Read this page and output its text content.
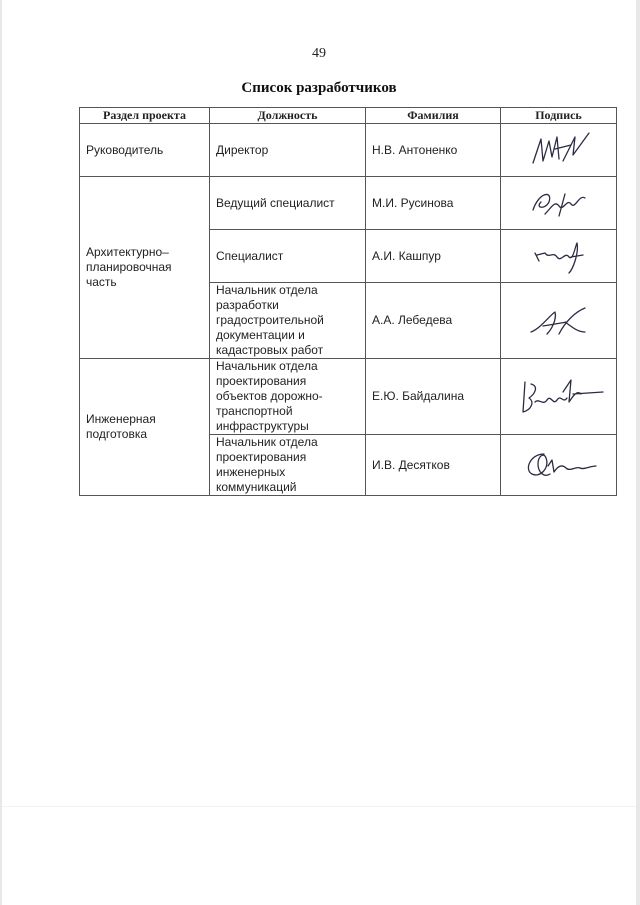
49
Список разработчиков
Раздел проекта	Должность	Фамилия	Подпись
Руководитель	Директор	Н.В. Антоненко	

Архитектурно–планировочная часть	Ведущий специалист	М.И. Русинова	

	Специалист	А.И. Кашпур	

	Начальник отдела разработки градостроительной документации и кадастровых работ	А.А. Лебедева	

Инженерная подготовка	Начальник отдела проектирования объектов дорожно-транспортной инфраструктуры	Е.Ю. Байдалина	

	Начальник отдела проектирования инженерных коммуникаций	И.В. Десятков	
